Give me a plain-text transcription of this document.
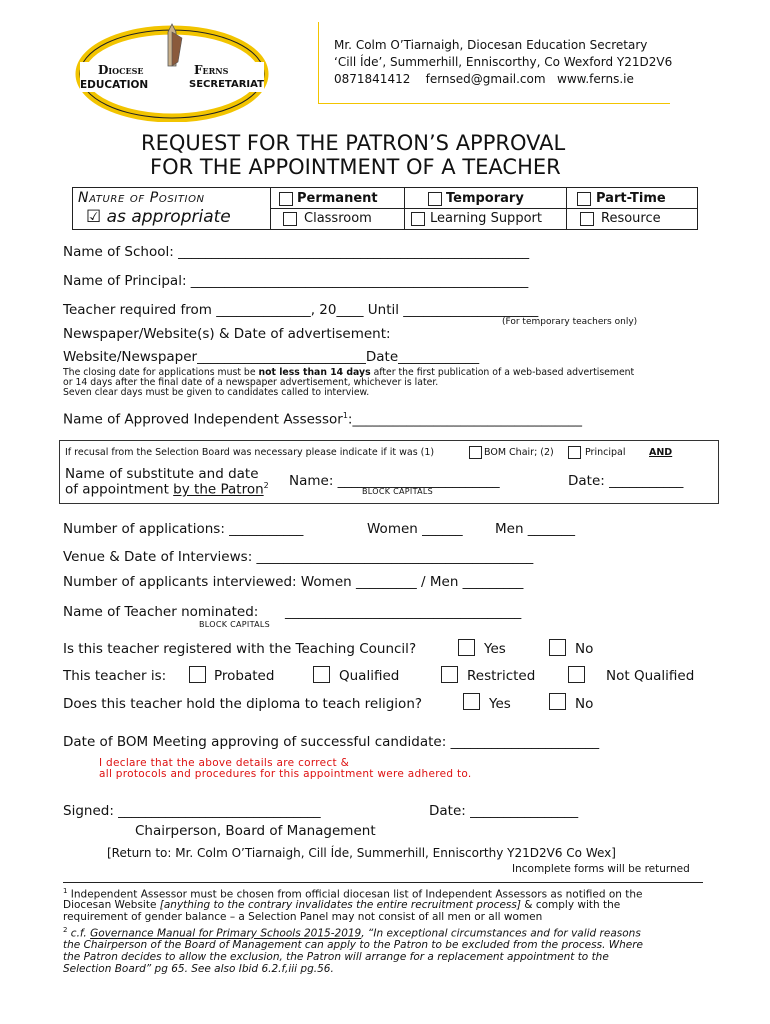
Diocese	Ferns
EDUCATION	SECRETARIAT
Mr. Colm O’Tiarnaigh, Diocesan Education Secretary
‘Cill Íde’, Summerhill, Enniscorthy, Co Wexford Y21D2V6
0871841412    fernsed@gmail.com   www.ferns.ie
REQUEST FOR THE PATRON’S APPROVAL
FOR THE APPOINTMENT OF A TEACHER
Nature of Position
☑ as appropriate
Permanent	Temporary	Part-Time
Classroom	Learning Support	Resource
Name of School: ____________________________________________________
Name of Principal: __________________________________________________
Teacher required from ______________, 20____ Until ____________________
(For temporary teachers only)
Newspaper/Website(s) & Date of advertisement:
Website/Newspaper_________________________Date____________
The closing date for applications must be not less than 14 days after the first publication of a web-based advertisement
or 14 days after the final date of a newspaper advertisement, whichever is later.
Seven clear days must be given to candidates called to interview.
Name of Approved Independent Assessor$^1$:__________________________________
If recusal from the Selection Board was necessary please indicate if it was (1)	BOM Chair; (2)	Principal AND
Name of substitute and date
of appointment by the Patron$^2$ Name: ________________________
BLOCK CAPITALS
Date: ___________
Number of applications: ___________	Women ______ Men _______
Venue & Date of Interviews: _________________________________________
Number of applicants interviewed: Women _________ / Men _________
Name of Teacher nominated: ___________________________________
BLOCK CAPITALS
Is this teacher registered with the Teaching Council?	Yes	No
This teacher is:	Probated	Qualified	Restricted	Not Qualified
Does this teacher hold the diploma to teach religion?	Yes	No
Date of BOM Meeting approving of successful candidate: ______________________
I declare that the above details are correct &
all protocols and procedures for this appointment were adhered to.
Signed: ______________________________	Date: ________________
Chairperson, Board of Management
[Return to: Mr. Colm O’Tiarnaigh, Cill Íde, Summerhill, Enniscorthy Y21D2V6 Co Wex]
Incomplete forms will be returned
$^1$ Independent Assessor must be chosen from official diocesan list of Independent Assessors as notified on the
Diocesan Website [anything to the contrary invalidates the entire recruitment process] & comply with the
requirement of gender balance – a Selection Panel may not consist of all men or all women
$^2$ c.f. Governance Manual for Primary Schools 2015-2019, “In exceptional circumstances and for valid reasons
the Chairperson of the Board of Management can apply to the Patron to be excluded from the process. Where
the Patron decides to allow the exclusion, the Patron will arrange for a replacement appointment to the
Selection Board” pg 65. See also Ibid 6.2.f,iii pg.56.
